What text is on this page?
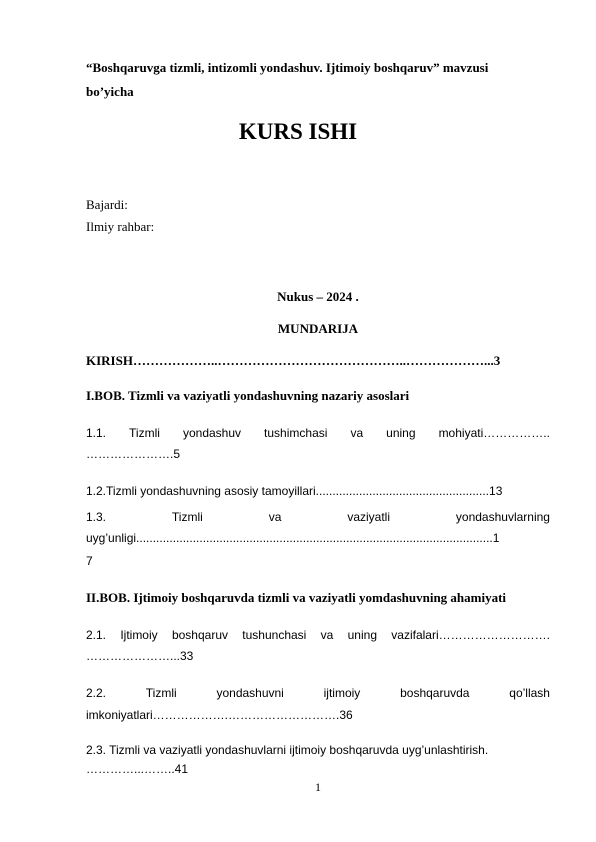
“Boshqaruvga tizmli, intizomli yondashuv. Ijtimoiy boshqaruv” mavzusi
bo’yicha
KURS ISHI
Bajardi:
Ilmiy rahbar:
Nukus – 2024 .
MUNDARIJA
KIRISH………………..……………………………………..………………...3
I.BOB. Tizmli va vaziyatli yondashuvning nazariy asoslari
1.1. Tizmli yondashuv tushimchasi va uning mohiyati……………..
………………….5
1.2.Tizmli yondashuvning asosiy tamoyillari....................................................13
1.3.	Tizmli	va	vaziyatli	yondashuvlarning
uyg’unligi...........................................................................................................1
7
II.BOB. Ijtimoiy boshqaruvda tizmli va vaziyatli yomdashuvning ahamiyati
2.1. Ijtimoiy boshqaruv tushunchasi va uning vazifalari……………………….
…………………...33
2.2.	Tizmli	yondashuvni	ijtimoiy	boshqaruvda	qo’llash
imkoniyatlari……………….……………………….36
2.3. Tizmli va vaziyatli yondashuvlarni ijtimoiy boshqaruvda uyg’unlashtirish.
…………...……..41
1
